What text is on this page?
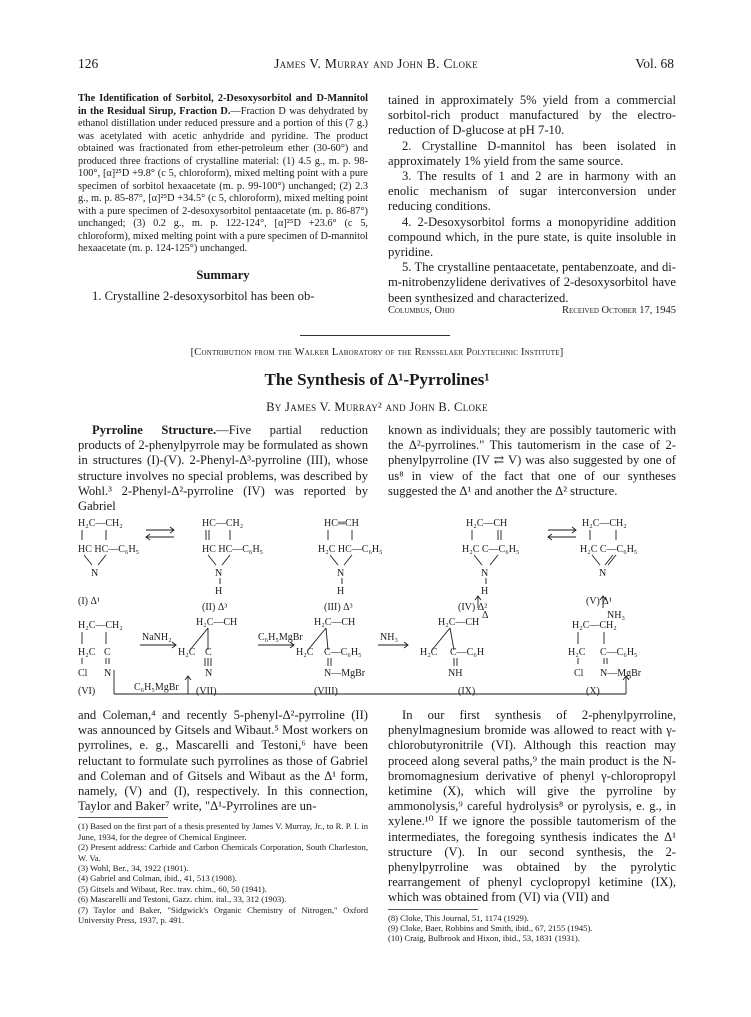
126	James V. Murray and John B. Cloke	Vol. 68

The Identification of Sorbitol, 2-Desoxysorbitol and D-Mannitol in the Residual Sirup, Fraction D.—Fraction D was dehydrated by ethanol distillation under reduced pressure and a portion of this (7 g.) was acetylated with acetic anhydride and pyridine. The product obtained was fractionated from ether-petroleum ether (30-60°) and produced three fractions of crystalline material: (1) 4.5 g., m. p. 98-100°, [α]²⁵D +9.8° (c 5, chloroform), mixed melting point with a pure specimen of sorbitol hexaacetate (m. p. 99-100°) unchanged; (2) 2.3 g., m. p. 85-87°, [α]²⁵D +34.5° (c 5, chloroform), mixed melting point with a pure specimen of 2-desoxysorbitol pentaacetate (m. p. 86-87°) unchanged; (3) 0.2 g., m. p. 122-124°, [α]²⁵D +23.6° (c 5, chloroform), mixed melting point with a pure specimen of D-mannitol hexaacetate (m. p. 124-125°) unchanged.

Summary

1. Crystalline 2-desoxysorbitol has been ob-

tained in approximately 5% yield from a commercial sorbitol-rich product manufactured by the electro-reduction of D-glucose at pH 7-10.

2. Crystalline D-mannitol has been isolated in approximately 1% yield from the same source.

3. The results of 1 and 2 are in harmony with an enolic mechanism of sugar interconversion under reducing conditions.

4. 2-Desoxysorbitol forms a monopyridine addition compound which, in the pure state, is quite insoluble in pyridine.

5. The crystalline pentaacetate, pentabenzoate, and di-m-nitrobenzylidene derivatives of 2-desoxysorbitol have been synthesized and characterized.

Columbus, Ohio	Received October 17, 1945
[Contribution from the Walker Laboratory of the Rensselaer Polytechnic Institute]
The Synthesis of Δ¹-Pyrrolines¹
By James V. Murray² and John B. Cloke

Pyrroline Structure.—Five partial reduction products of 2-phenylpyrrole may be formulated as shown in structures (I)-(V). 2-Phenyl-Δ³-pyrroline (III), whose structure involves no special problems, was described by Wohl.³ 2-Phenyl-Δ²-pyrroline (IV) was reported by Gabriel

known as individuals; they are possibly tautomeric with the Δ²-pyrrolines." This tautomerism in the case of 2-phenylpyrroline (IV ⇄ V) was also suggested by one of us⁸ in view of the fact that one of our syntheses suggested the Δ¹ and another the Δ² structure.

H₂C—CH₂
HC HC—C₆H₅
N
(I) Δ¹
HC—CH₂
HC HC—C₆H₅
N
H
(II) Δ³
HC═CH
H₂C HC—C₆H₅
N
H
(III) Δ³
H₂C—CH
H₂C C—C₆H₅
N
H
(IV) Δ²
Δ
H₂C—CH₂
H₂C C—C₆H₅
N
(V) Δ¹
NH₃
H₂C—CH₂
H₂C C
Cl N
(VI)
NaNH₂
C₆H₅MgBr
H₂C—CH
H₂C C
N
(VII)
C₆H₅MgBr
H₂C—CH
H₂C C—C₆H₅
N—MgBr
(VIII)
NH₃
H₂C—CH
H₂C C—C₆H
NH
(IX)
H₂C—CH₂
H₂C C—C₆H₅
Cl N—MgBr
(X)

and Coleman,⁴ and recently 5-phenyl-Δ²-pyrroline (II) was announced by Gitsels and Wibaut.⁵ Most workers on pyrrolines, e. g., Mascarelli and Testoni,⁶ have been reluctant to formulate such pyrrolines as those of Gabriel and Coleman and of Gitsels and Wibaut as the Δ¹ form, namely, (V) and (I), respectively. In this connection, Taylor and Baker⁷ write, "Δ¹-Pyrrolines are un-

(1) Based on the first part of a thesis presented by James V. Murray, Jr., to R. P. I. in June, 1934, for the degree of Chemical Engineer.

(2) Present address: Carbide and Carbon Chemicals Corporation, South Charleston, W. Va.

(3) Wohl, Ber., 34, 1922 (1901).

(4) Gabriel and Colman, ibid., 41, 513 (1908).

(5) Gitsels and Wibaut, Rec. trav. chim., 60, 50 (1941).

(6) Mascarelli and Testoni, Gazz. chim. ital., 33, 312 (1903).

(7) Taylor and Baker, "Sidgwick's Organic Chemistry of Nitrogen," Oxford University Press, 1937, p. 491.

In our first synthesis of 2-phenylpyrroline, phenylmagnesium bromide was allowed to react with γ-chlorobutyronitrile (VI). Although this reaction may proceed along several paths,⁹ the main product is the N-bromomagnesium derivative of phenyl γ-chloropropyl ketimine (X), which will give the pyrroline by ammonolysis,⁹ careful hydrolysis⁸ or pyrolysis, e. g., in xylene.¹⁰ If we ignore the possible tautomerism of the intermediates, the foregoing synthesis indicates the Δ¹ structure (V). In our second synthesis, the 2-phenylpyrroline was obtained by the pyrolytic rearrangement of phenyl cyclopropyl ketimine (IX), which was obtained from (VI) via (VII) and

(8) Cloke, This Journal, 51, 1174 (1929).

(9) Cloke, Baer, Robbins and Smith, ibid., 67, 2155 (1945).

(10) Craig, Bulbrook and Hixon, ibid., 53, 1831 (1931).
